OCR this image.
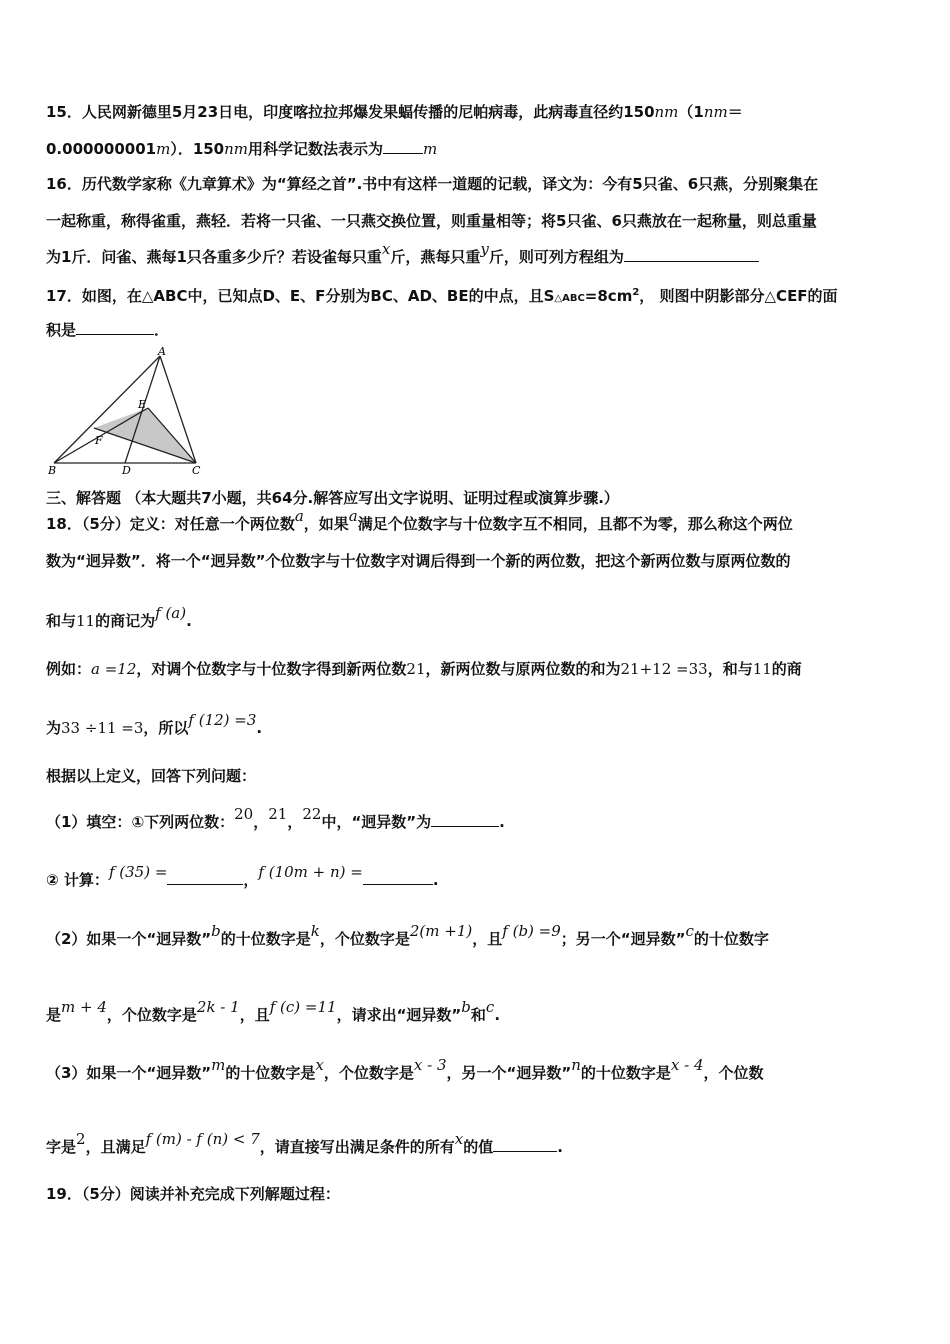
15．人民网新德里5月23日电，印度喀拉拉邦爆发果蝠传播的尼帕病毒，此病毒直径约150nm（1nm＝
0.000000001m）．150nm用科学记数法表示为	m
16．历代数学家称《九章算术》为“算经之首”.书中有这样一道题的记载，译文为：今有5只雀、6只燕，分别聚集在
一起称重，称得雀重，燕轻．若将一只雀、一只燕交换位置，则重量相等；将5只雀、6只燕放在一起称量，则总重量
为1斤．问雀、燕每1只各重多少斤？若设雀每只重x斤，燕每只重y斤，则可列方程组为
17．如图，在△ABC中，已知点D、E、F分别为BC、AD、BE的中点，且$S\triangle ABC=8cm^2$， 则图中阴影部分△CEF的面
积是	．
A
B	C
D
E
F
三、解答题 （本大题共7小题，共64分.解答应写出文字说明、证明过程或演算步骤.）
18．（5分）定义：对任意一个两位数a，如果a满足个位数字与十位数字互不相同，且都不为零，那么称这个两位
数为“迥异数”．将一个“迥异数”个位数字与十位数字对调后得到一个新的两位数，把这个新两位数与原两位数的
和与11的商记为f (a).
例如：a =12，对调个位数字与十位数字得到新两位数21，新两位数与原两位数的和为21+12 =33，和与11的商
为33 ÷11 =3，所以f (12) =3.
根据以上定义，回答下列问题：
（1）填空：①下列两位数：20，21，22中，“迥异数”为	.
② 计算：f (35) =	，f (10m + n) =	.
（2）如果一个“迥异数”b的十位数字是k，个位数字是2(m +1)，且f (b) =9；另一个“迥异数”c的十位数字
是m + 4，个位数字是2k - 1，且f (c) =11，请求出“迥异数”b和c.
（3）如果一个“迥异数”m的十位数字是x，个位数字是x - 3，另一个“迥异数”n的十位数字是x - 4，个位数
字是2，且满足f (m) - f (n) < 7，请直接写出满足条件的所有x的值	.
19．（5分）阅读并补充完成下列解题过程：
